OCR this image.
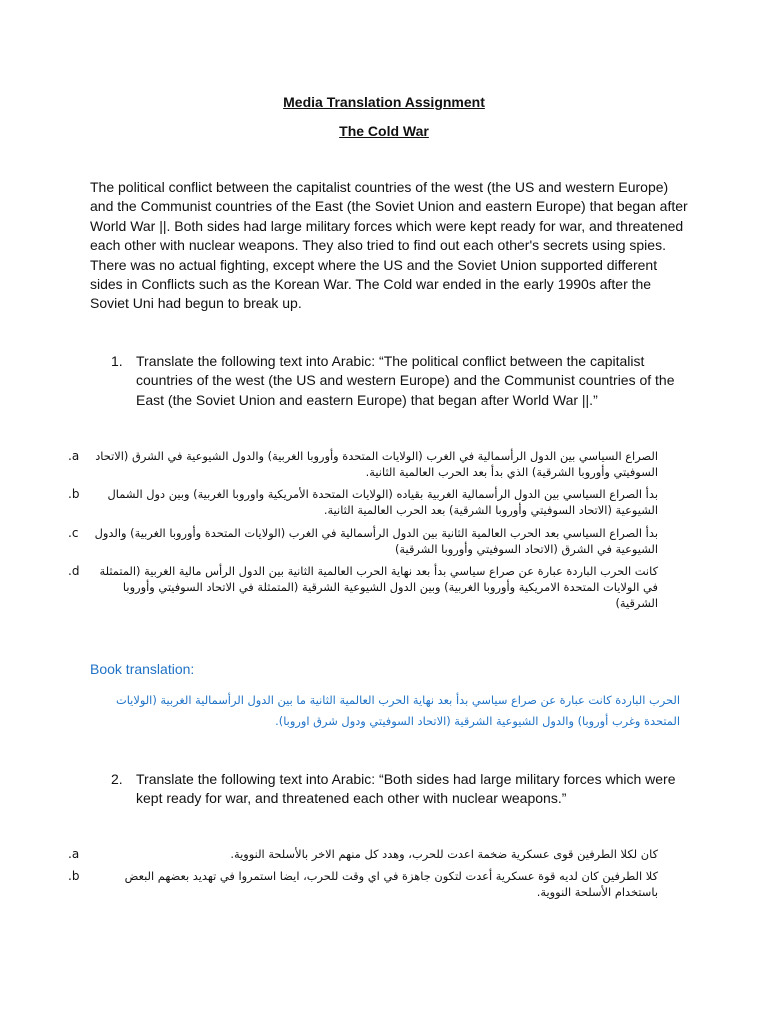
Media Translation Assignment
The Cold War
The political conflict between the capitalist countries of the west (the US and western Europe) and the Communist countries of the East (the Soviet Union and eastern Europe) that began after World War ||. Both sides had large military forces which were kept ready for war, and threatened each other with nuclear weapons. They also tried to find out each other's secrets using spies. There was no actual fighting, except where the US and the Soviet Union supported different sides in Conflicts such as the Korean War. The Cold war ended in the early 1990s after the Soviet Uni had begun to break up.
1. Translate the following text into Arabic: “The political conflict between the capitalist countries of the west (the US and western Europe) and the Communist countries of the East (the Soviet Union and eastern Europe) that began after World War ||.”
.a الصراع السياسي بين الدول الرأسمالية في الغرب (الولايات المتحدة وأوروبا الغربية) والدول الشيوعية في الشرق (الاتحاد السوفيتي وأوروبا الشرقية) الذي بدأ بعد الحرب العالمية الثانية.
.b بدأ الصراع السياسي بين الدول الرأسمالية الغربية بقياده (الولايات المتحدة الأمريكية واوروبا الغربية) وبين دول الشمال الشيوعية (الاتحاد السوفيتي وأوروبا الشرقية) بعد الحرب العالمية الثانية.
.c بدأ الصراع السياسي بعد الحرب العالمية الثانية بين الدول الرأسمالية في الغرب (الولايات المتحدة وأوروبا الغربية) والدول الشيوعية في الشرق (الاتحاد السوفيتي وأوروبا الشرقية)
.d كانت الحرب الباردة عبارة عن صراع سياسي بدأ بعد نهاية الحرب العالمية الثانية بين الدول الرأس مالية الغربية (المتمثلة في الولايات المتحدة الامريكية وأوروبا الغربية) وبين الدول الشيوعية الشرقية (المتمثلة في الاتحاد السوفيتي وأوروبا الشرقية)
Book translation:
الحرب الباردة كانت عبارة عن صراع سياسي بدأ بعد نهاية الحرب العالمية الثانية ما بين الدول الرأسمالية الغربية (الولايات المتحدة وغرب أوروبا) والدول الشيوعية الشرقية (الاتحاد السوفيتي ودول شرق اوروبا).
2. Translate the following text into Arabic: “Both sides had large military forces which were kept ready for war, and threatened each other with nuclear weapons.”
.a	كان لكلا الطرفين قوى عسكرية ضخمة اعدت للحرب، وهدد كل منهم الاخر بالأسلحة النووية.
.b	كلا الطرفين كان لديه قوة عسكرية أعدت لتكون جاهزة في اي وقت للحرب، ايضا استمروا في تهديد بعضهم البعض باستخدام الأسلحة النووية.
